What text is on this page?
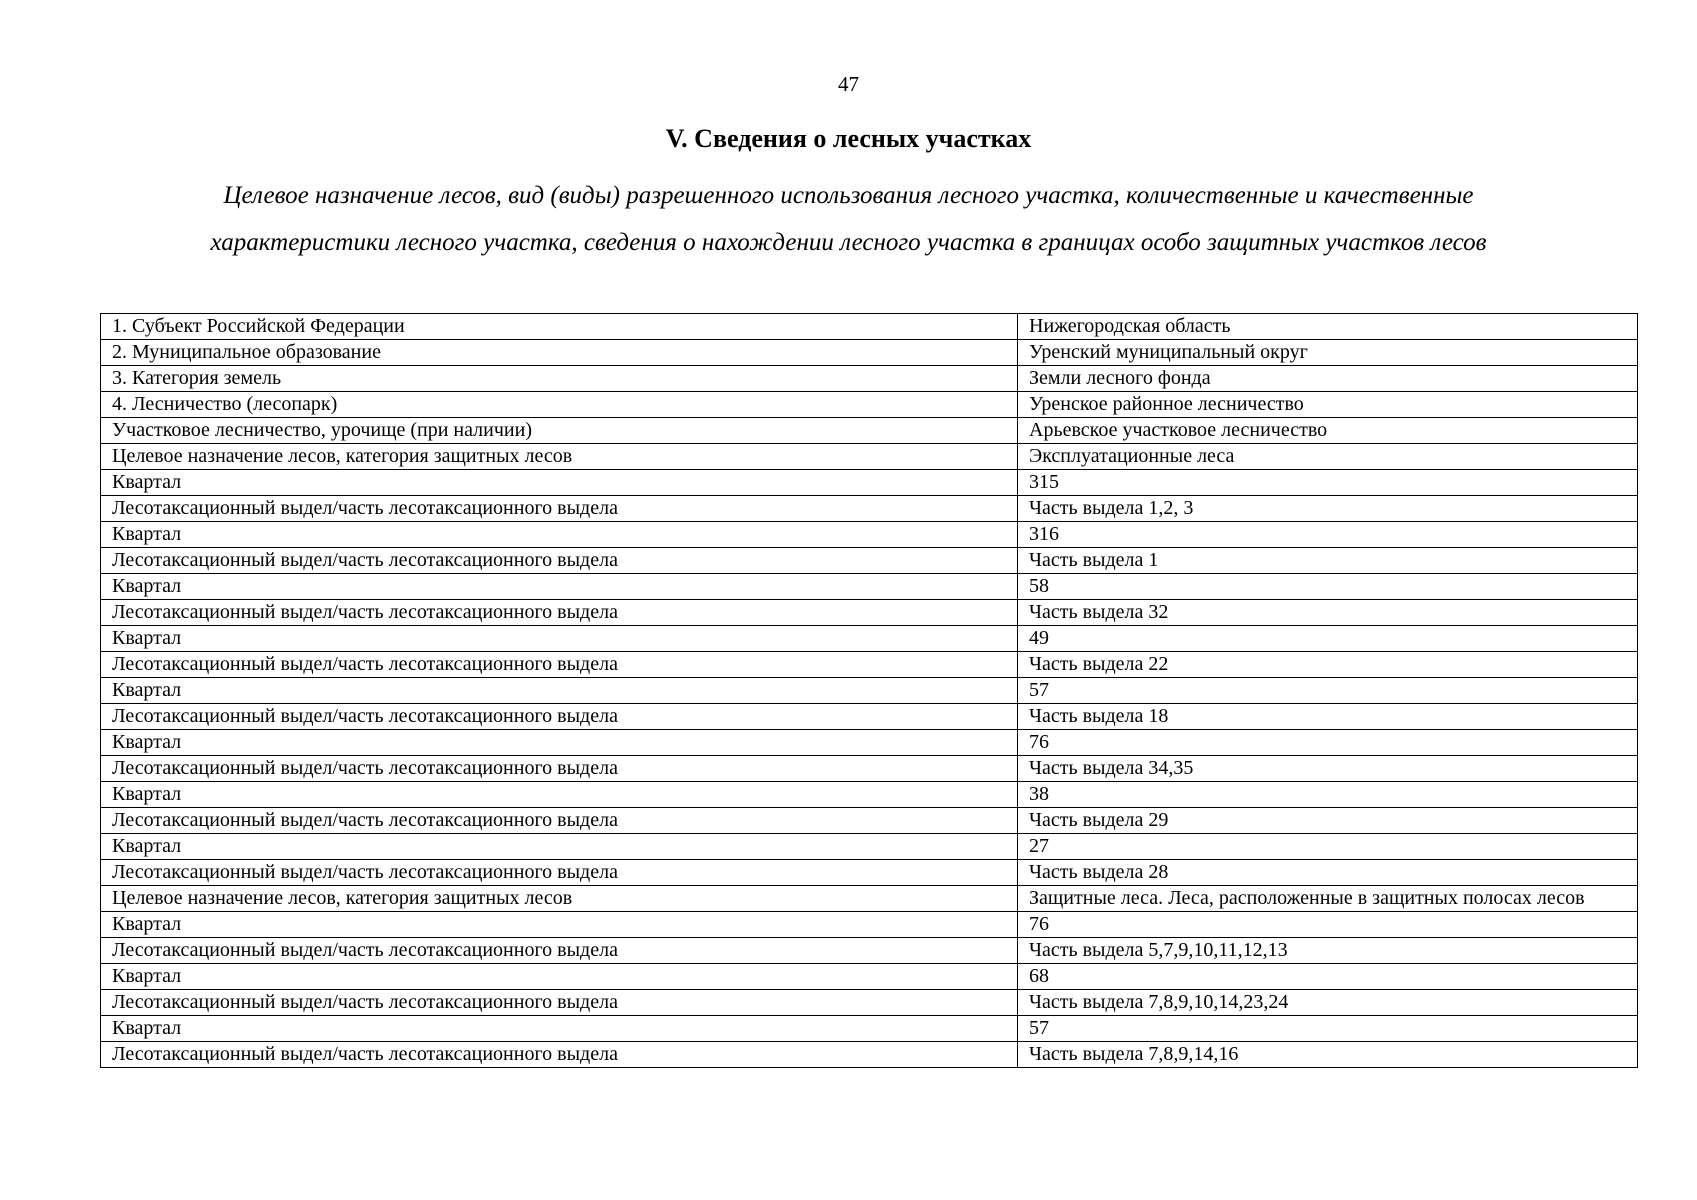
47
V. Сведения о лесных участках
Целевое назначение лесов, вид (виды) разрешенного использования лесного участка, количественные и качественные
характеристики лесного участка, сведения о нахождении лесного участка в границах особо защитных участков лесов
1. Субъект Российской Федерации	Нижегородская область
2. Муниципальное образование	Уренский муниципальный округ
3. Категория земель	Земли лесного фонда
4. Лесничество (лесопарк)	Уренское районное лесничество
Участковое лесничество, урочище (при наличии)	Арьевское участковое лесничество
Целевое назначение лесов, категория защитных лесов	Эксплуатационные леса
Квартал	315
Лесотаксационный выдел/часть лесотаксационного выдела	Часть выдела 1,2, 3
Квартал	316
Лесотаксационный выдел/часть лесотаксационного выдела	Часть выдела 1
Квартал	58
Лесотаксационный выдел/часть лесотаксационного выдела	Часть выдела 32
Квартал	49
Лесотаксационный выдел/часть лесотаксационного выдела	Часть выдела 22
Квартал	57
Лесотаксационный выдел/часть лесотаксационного выдела	Часть выдела 18
Квартал	76
Лесотаксационный выдел/часть лесотаксационного выдела	Часть выдела 34,35
Квартал	38
Лесотаксационный выдел/часть лесотаксационного выдела	Часть выдела 29
Квартал	27
Лесотаксационный выдел/часть лесотаксационного выдела	Часть выдела 28
Целевое назначение лесов, категория защитных лесов	Защитные леса. Леса, расположенные в защитных полосах лесов
Квартал	76
Лесотаксационный выдел/часть лесотаксационного выдела	Часть выдела 5,7,9,10,11,12,13
Квартал	68
Лесотаксационный выдел/часть лесотаксационного выдела	Часть выдела 7,8,9,10,14,23,24
Квартал	57
Лесотаксационный выдел/часть лесотаксационного выдела	Часть выдела 7,8,9,14,16
